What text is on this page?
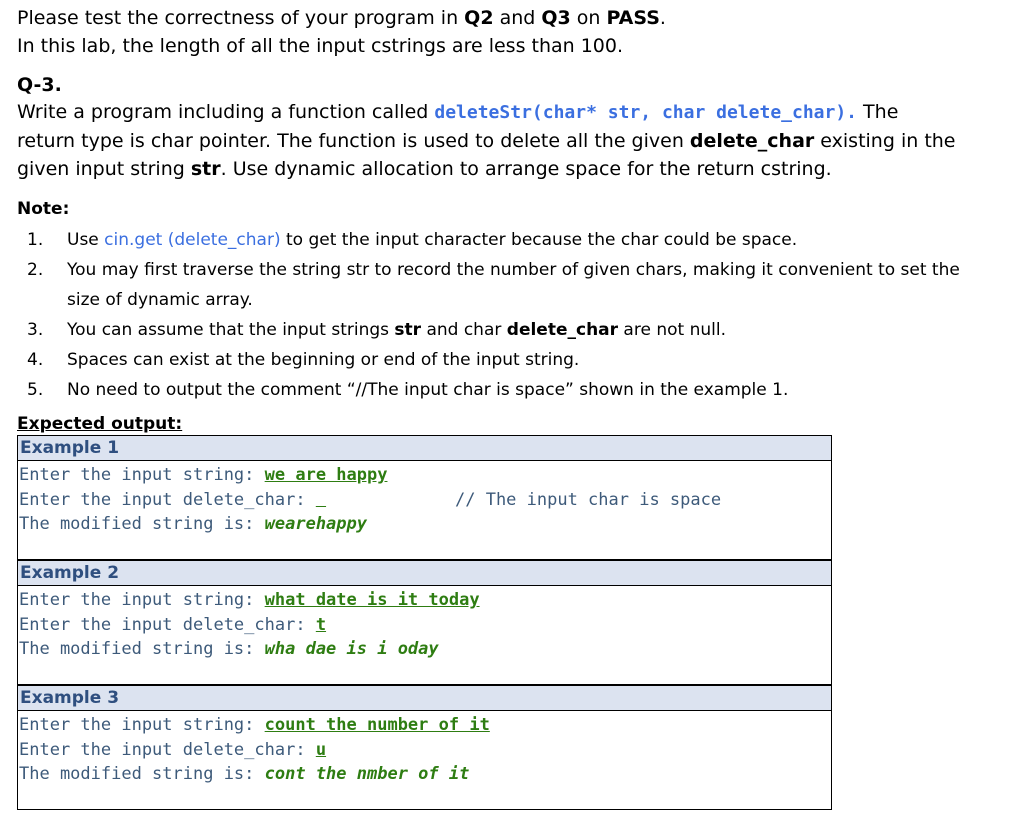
Please test the correctness of your program in Q2 and Q3 on PASS.
In this lab, the length of all the input cstrings are less than 100.
Q-3.
Write a program including a function called deleteStr(char* str, char delete_char). The
return type is char pointer. The function is used to delete all the given delete_char existing in the
given input string str. Use dynamic allocation to arrange space for the return cstring.
Note:
1. Use cin.get (delete_char) to get the input character because the char could be space.
2. You may first traverse the string str to record the number of given chars, making it convenient to set the
size of dynamic array.
3. You can assume that the input strings str and char delete_char are not null.
4. Spaces can exist at the beginning or end of the input string.
5. No need to output the comment “//The input char is space” shown in the example 1.
Expected output:
Example 1
Enter the input string: we are happy
Enter the input delete_char:	// The input char is space
The modified string is: wearehappy
Example 2
Enter the input string: what date is it today
Enter the input delete_char: t
The modified string is: wha dae is i oday
Example 3
Enter the input string: count the number of it
Enter the input delete_char: u
The modified string is: cont the nmber of it
